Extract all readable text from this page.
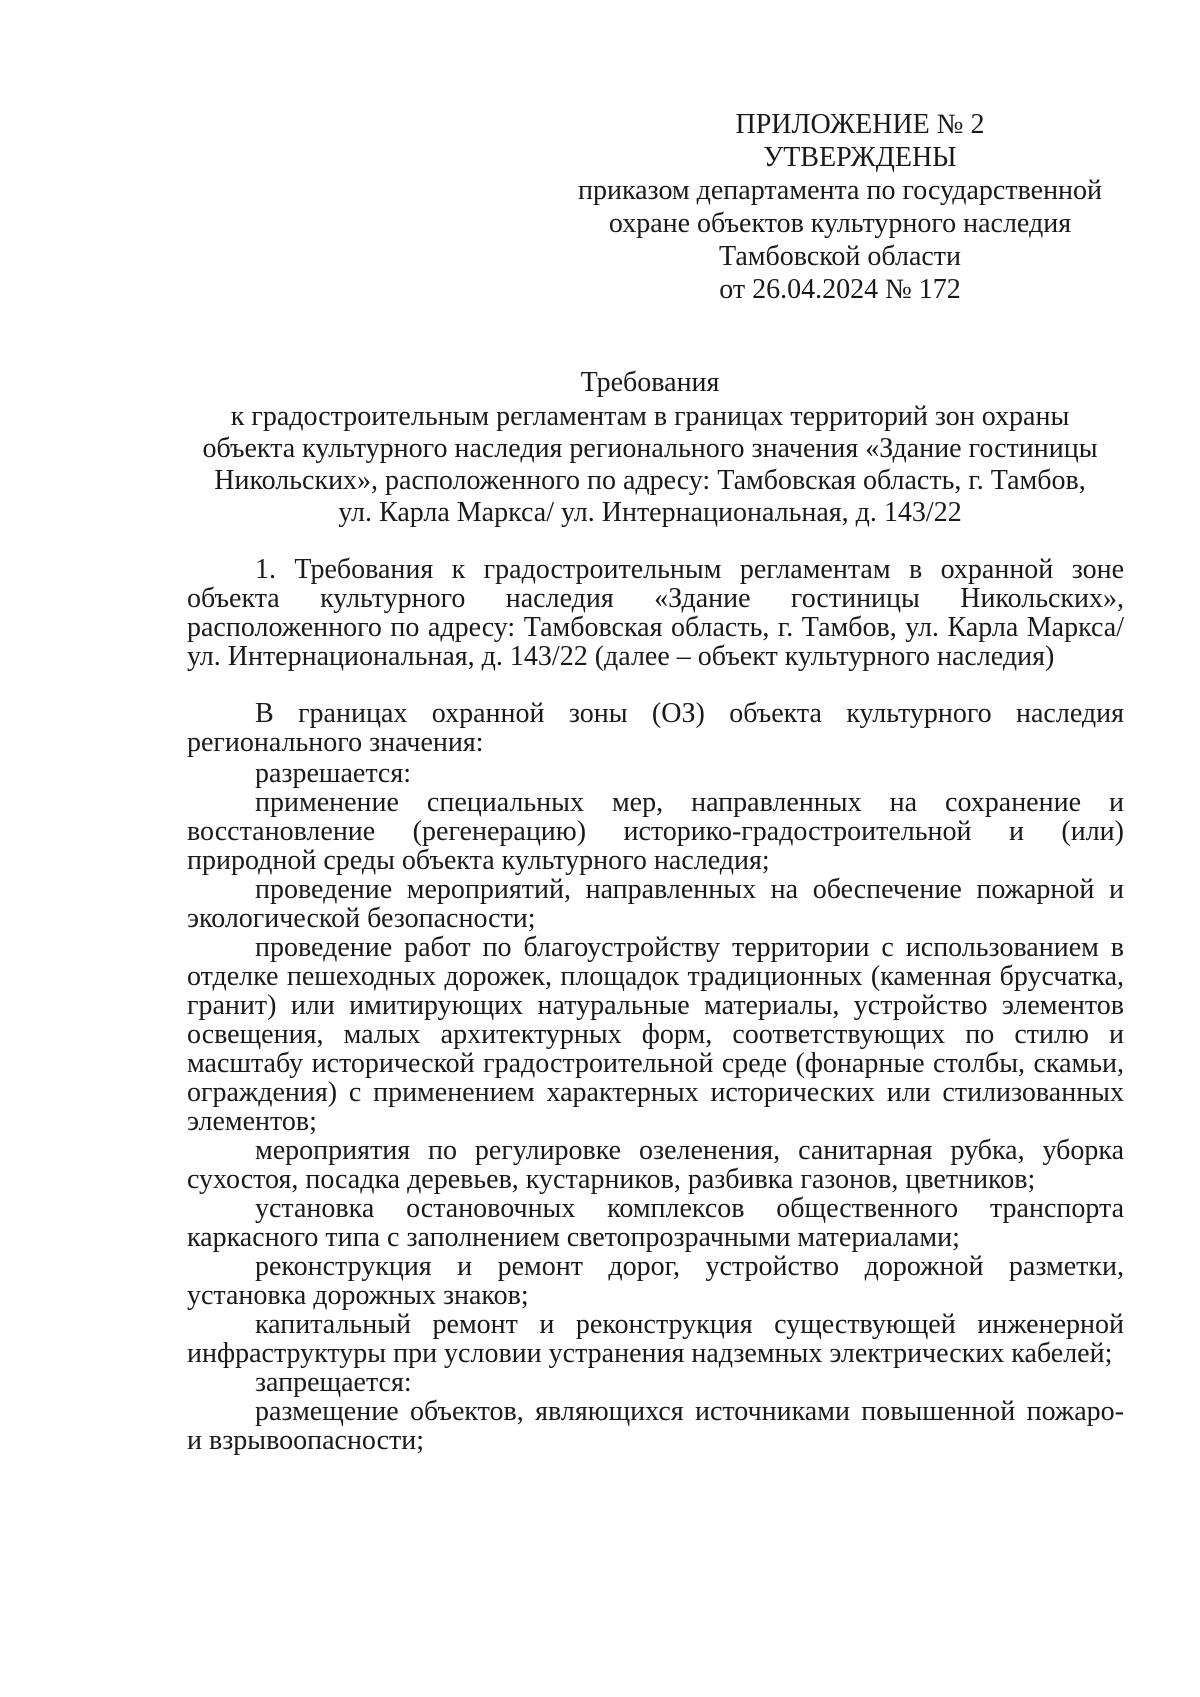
ПРИЛОЖЕНИЕ № 2
УТВЕРЖДЕНЫ
приказом департамента по государственной
охране объектов культурного наследия
Тамбовской области
от 26.04.2024 № 172
Требования
к градостроительным регламентам в границах территорий зон охраны
объекта культурного наследия регионального значения «Здание гостиницы
Никольских», расположенного по адресу: Тамбовская область, г. Тамбов,
ул. Карла Маркса/ ул. Интернациональная, д. 143/22

1. Требования к градостроительным регламентам в охранной зоне объекта культурного наследия «Здание гостиницы Никольских», расположенного по адресу: Тамбовская область, г. Тамбов, ул. Карла Маркса/ ул. Интернациональная, д. 143/22 (далее – объект культурного наследия)

В границах охранной зоны (ОЗ) объекта культурного наследия регионального значения:

разрешается:

применение специальных мер, направленных на сохранение и восстановление (регенерацию) историко-градостроительной и (или) природной среды объекта культурного наследия;

проведение мероприятий, направленных на обеспечение пожарной и экологической безопасности;

проведение работ по благоустройству территории с использованием в отделке пешеходных дорожек, площадок традиционных (каменная брусчатка, гранит) или имитирующих натуральные материалы, устройство элементов освещения, малых архитектурных форм, соответствующих по стилю и масштабу исторической градостроительной среде (фонарные столбы, скамьи, ограждения) с применением характерных исторических или стилизованных элементов;

мероприятия по регулировке озеленения, санитарная рубка, уборка сухостоя, посадка деревьев, кустарников, разбивка газонов, цветников;

установка остановочных комплексов общественного транспорта каркасного типа с заполнением светопрозрачными материалами;

реконструкция и ремонт дорог, устройство дорожной разметки, установка дорожных знаков;

капитальный ремонт и реконструкция существующей инженерной инфраструктуры при условии устранения надземных электрических кабелей;

запрещается:

размещение объектов, являющихся источниками повышенной пожаро- и взрывоопасности;
